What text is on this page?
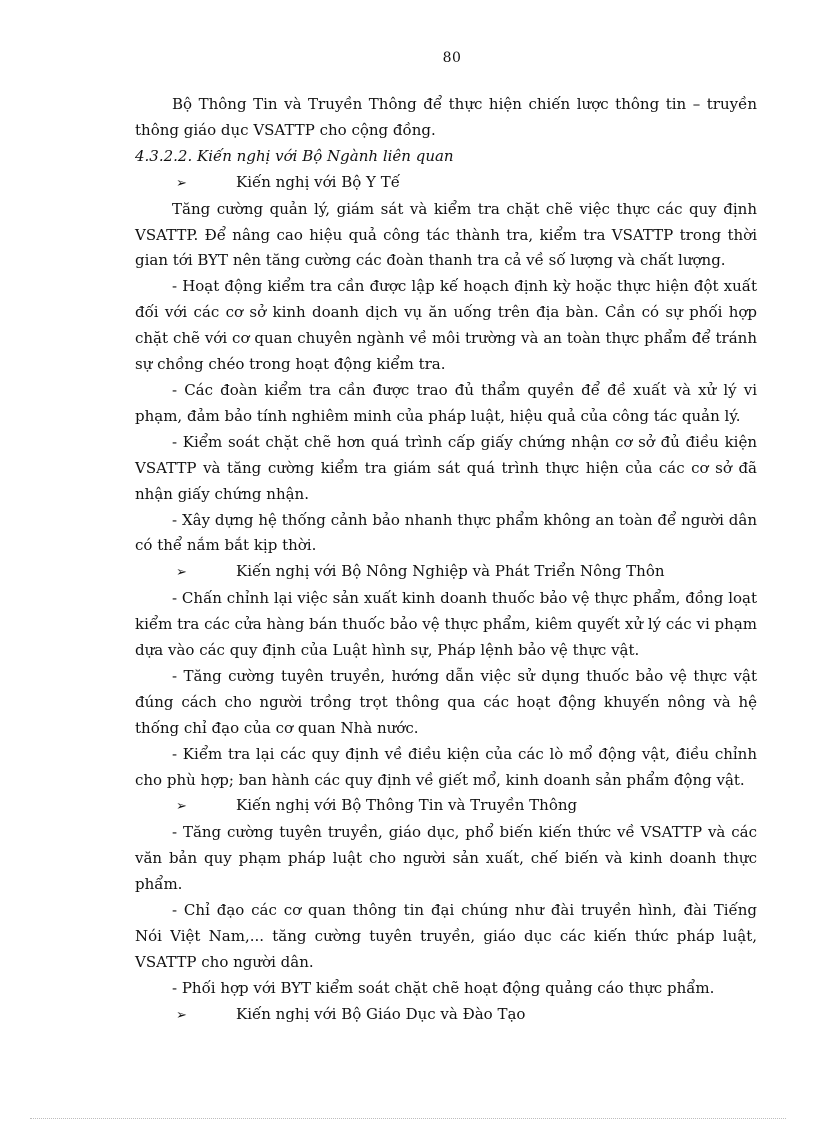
80

Bộ Thông Tin và Truyền Thông để thực hiện chiến lược thông tin – truyền thông giáo dục VSATTP cho cộng đồng.

4.3.2.2. Kiến nghị với Bộ Ngành liên quan

➢	Kiến nghị với Bộ Y Tế

Tăng cường quản lý, giám sát và kiểm tra chặt chẽ việc thực các quy định VSATTP. Để nâng cao hiệu quả công tác thành tra, kiểm tra VSATTP trong thời gian tới BYT nên tăng cường các đoàn thanh tra cả về số lượng và chất lượng.

- Hoạt động kiểm tra cần được lập kế hoạch định kỳ hoặc thực hiện đột xuất đối với các cơ sở kinh doanh dịch vụ ăn uống trên địa bàn. Cần có sự phối hợp chặt chẽ với cơ quan chuyên ngành về môi trường và an toàn thực phẩm để tránh sự chồng chéo trong hoạt động kiểm tra.

- Các đoàn kiểm tra cần được trao đủ thẩm quyền để đề xuất và xử lý vi phạm, đảm bảo tính nghiêm minh của pháp luật, hiệu quả của công tác quản lý.

- Kiểm soát chặt chẽ hơn quá trình cấp giấy chứng nhận cơ sở đủ điều kiện VSATTP và tăng cường kiểm tra giám sát quá trình thực hiện của các cơ sở đã nhận giấy chứng nhận.

- Xây dựng hệ thống cảnh bảo nhanh thực phẩm không an toàn để người dân có thể nắm bắt kịp thời.

➢	Kiến nghị với Bộ Nông Nghiệp và Phát Triển Nông Thôn

- Chấn chỉnh lại việc sản xuất kinh doanh thuốc bảo vệ thực phẩm, đồng loạt kiểm tra các cửa hàng bán thuốc bảo vệ thực phẩm, kiêm quyết xử lý các vi phạm dựa vào các quy định của Luật hình sự, Pháp lệnh bảo vệ thực vật.

- Tăng cường tuyên truyền, hướng dẫn việc sử dụng thuốc bảo vệ thực vật đúng cách cho người trồng trọt thông qua các hoạt động khuyến nông và hệ thống chỉ đạo của cơ quan Nhà nước.

- Kiểm tra lại các quy định về điều kiện của các lò mổ động vật, điều chỉnh cho phù hợp; ban hành các quy định về giết mổ, kinh doanh sản phẩm động vật.

➢	Kiến nghị với Bộ Thông Tin và Truyền Thông

- Tăng cường tuyên truyền, giáo dục, phổ biến kiến thức về VSATTP và các văn bản quy phạm pháp luật cho người sản xuất, chế biến và kinh doanh thực phẩm.

- Chỉ đạo các cơ quan thông tin đại chúng như đài truyền hình, đài Tiếng Nói Việt Nam,... tăng cường tuyên truyền, giáo dục các kiến thức pháp luật, VSATTP cho người dân.

- Phối hợp với BYT kiểm soát chặt chẽ hoạt động quảng cáo thực phẩm.

➢	Kiến nghị với Bộ Giáo Dục và Đào Tạo
